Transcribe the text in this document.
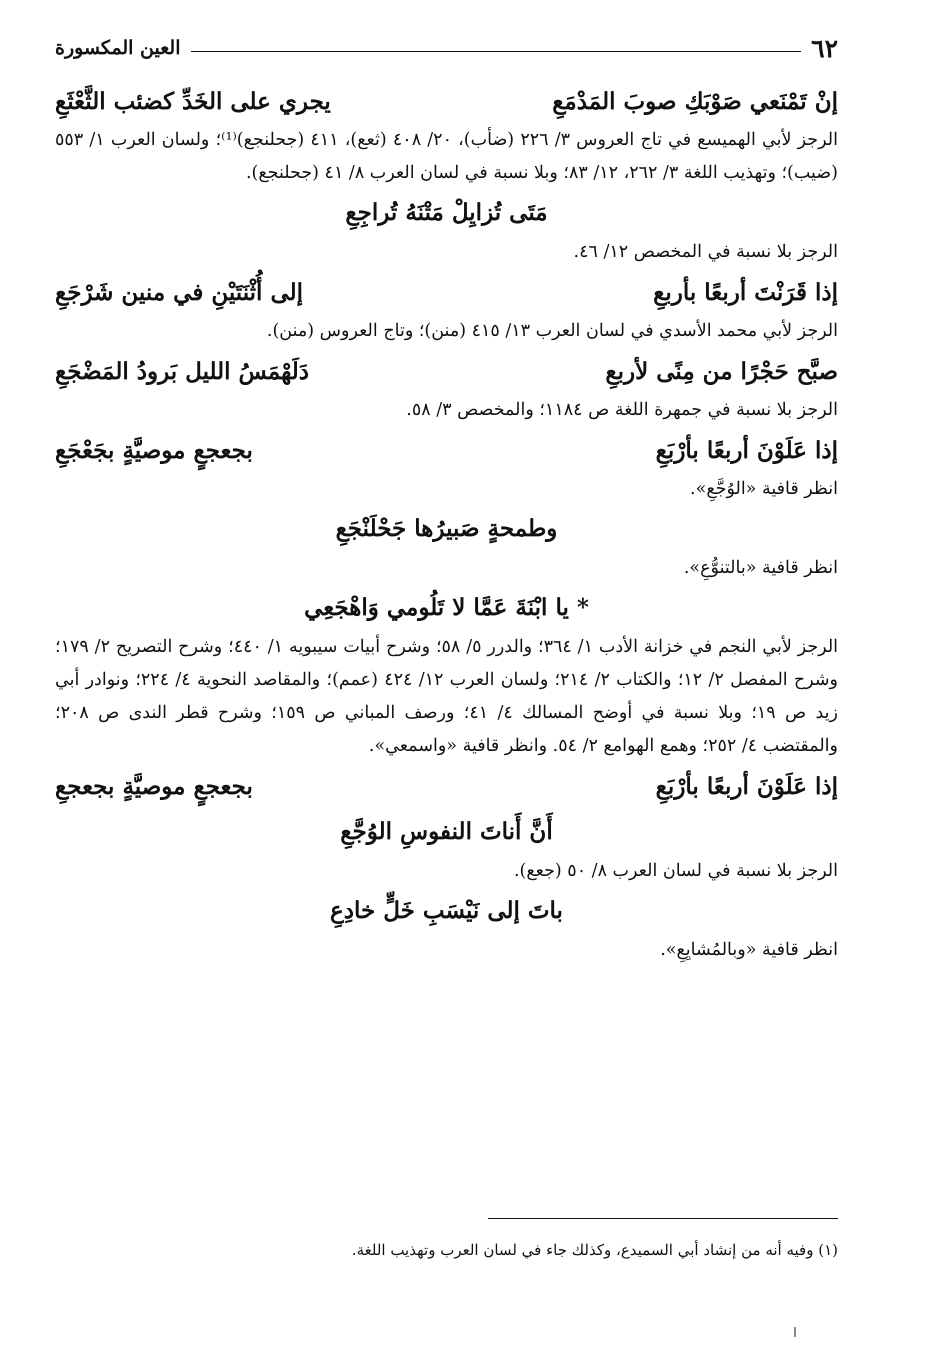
العين المكسورة	٦٢
إنْ تَمْنَعي صَوْبَكِ صوبَ المَدْمَعِ
يجري على الخَدِّ كضئب الثَّعْثَعِ

الرجز لأبي الهميسع في تاج العروس ٣/ ٢٢٦ (ضأب)، ٢٠/ ٤٠٨ (ثعع)، ٤١١ (جحلنجع)⁽¹⁾؛ ولسان العرب ١/ ٥٥٣ (ضيب)؛ وتهذيب اللغة ٣/ ٢٦٢، ١٢/ ٨٣؛ وبلا نسبة في لسان العرب ٨/ ٤١ (جحلنجع).

مَتَى تُزايِلْ مَتْنَهُ تُراجِعِ

الرجز بلا نسبة في المخصص ١٢/ ٤٦.

إذا قَرَنْتَ أربعًا بأربعِ
إلى أُثْنَتَيْنِ في منين شَرْجَعِ

الرجز لأبي محمد الأسدي في لسان العرب ١٣/ ٤١٥ (منن)؛ وتاج العروس (منن).

صبَّح حَجْرًا من مِنًى لأربعِ
دَلَهْمَسُ الليل بَرودُ المَضْجَعِ

الرجز بلا نسبة في جمهرة اللغة ص ١١٨٤؛ والمخصص ٣/ ٥٨.

إذا عَلَوْنَ أربعًا بأرْبَعِ
بجعجعٍ موصيَّةٍ بجَعْجَعِ

انظر قافية «الوُجَّعِ».

وطمحةٍ صَبيرُها جَحْلَنْجَعِ

انظر قافية «بالتنوُّعِ».

* يا ابْنَةَ عَمَّا لا تَلُومي وَاهْجَعِي

الرجز لأبي النجم في خزانة الأدب ١/ ٣٦٤؛ والدرر ٥/ ٥٨؛ وشرح أبيات سيبويه ١/ ٤٤٠؛ وشرح التصريح ٢/ ١٧٩؛ وشرح المفصل ٢/ ١٢؛ والكتاب ٢/ ٢١٤؛ ولسان العرب ١٢/ ٤٢٤ (عمم)؛ والمقاصد النحوية ٤/ ٢٢٤؛ ونوادر أبي زيد ص ١٩؛ وبلا نسبة في أوضح المسالك ٤/ ٤١؛ ورصف المباني ص ١٥٩؛ وشرح قطر الندى ص ٢٠٨؛ والمقتضب ٤/ ٢٥٢؛ وهمع الهوامع ٢/ ٥٤. وانظر قافية «واسمعي».

إذا عَلَوْنَ أربعًا بأرْبَعِ
بجعجعٍ موصيَّةٍ بجعجعِ
أَنَّ أَناتَ النفوسِ الوُجَّعِ

الرجز بلا نسبة في لسان العرب ٨/ ٥٠ (جعع).

باتَ إلى نَيْسَبِ خَلٍّ خادِعِ

انظر قافية «وبالمُشايِعِ».

(١) وفيه أنه من إنشاد أبي السميدع، وكذلك جاء في لسان العرب وتهذيب اللغة.
